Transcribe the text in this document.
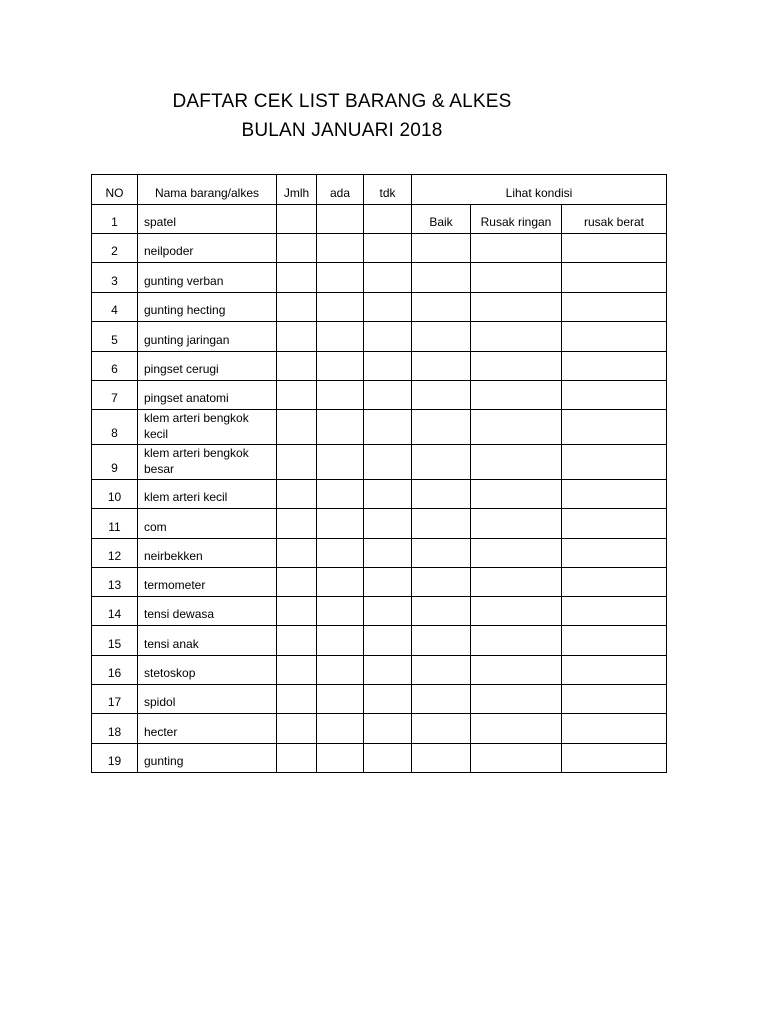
DAFTAR CEK LIST BARANG & ALKES
BULAN JANUARI 2018
NO	Nama barang/alkes	Jmlh	ada	tdk	Lihat kondisi		
1	spatel				Baik	Rusak ringan	rusak berat
2	neilpoder						
3	gunting verban						
4	gunting hecting						
5	gunting jaringan						
6	pingset cerugi						
7	pingset anatomi						
8	klem arteri bengkok kecil						
9	klem arteri bengkok besar						
10	klem arteri kecil						
11	com						
12	neirbekken						
13	termometer						
14	tensi dewasa						
15	tensi anak						
16	stetoskop						
17	spidol						
18	hecter						
19	gunting						
